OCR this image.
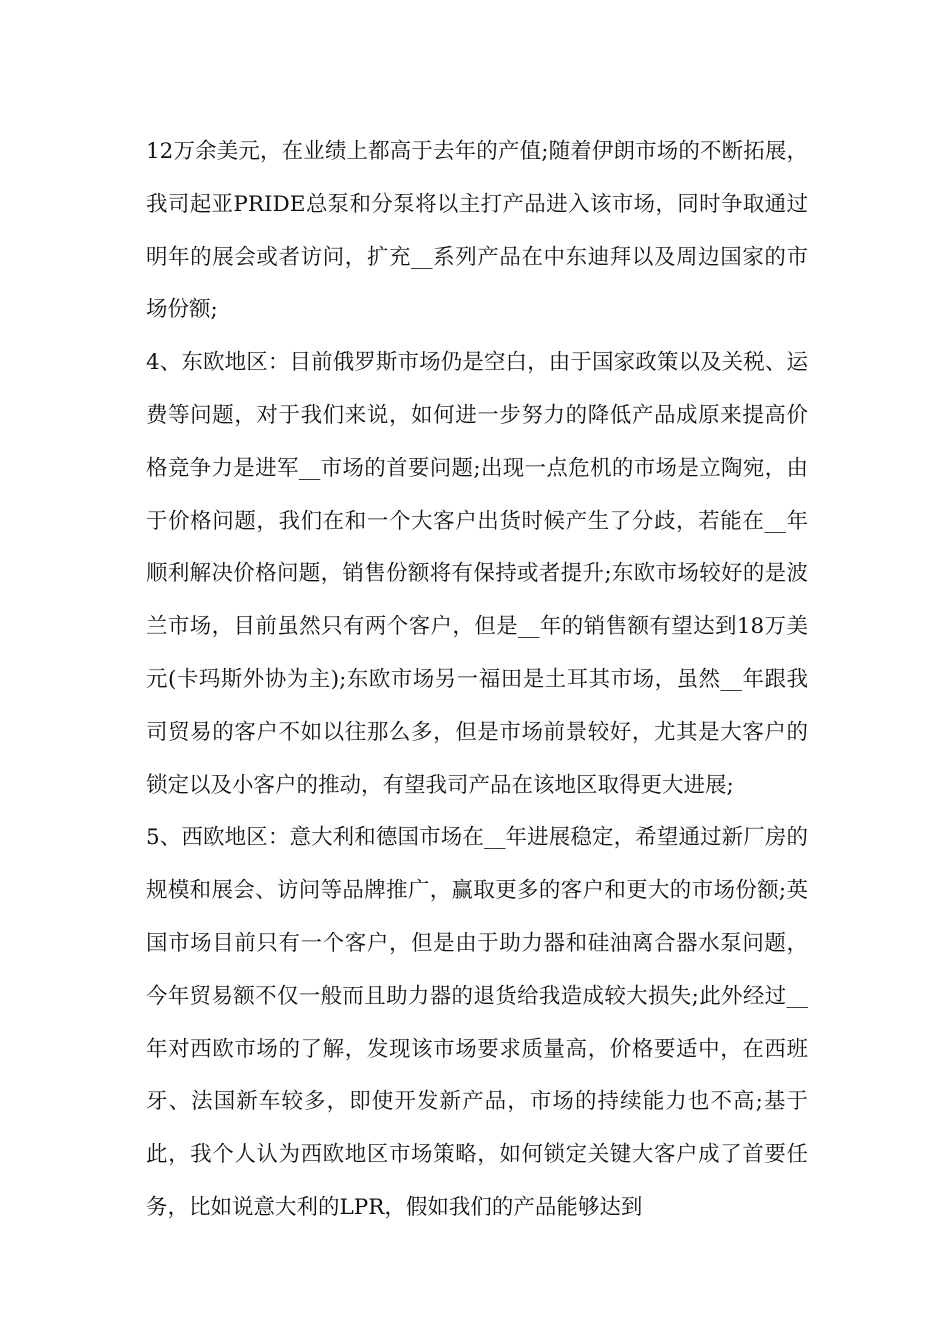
12万余美元，在业绩上都高于去年的产值;随着伊朗市场的不断拓展，我司起亚PRIDE总泵和分泵将以主打产品进入该市场，同时争取通过明年的展会或者访问，扩充__系列产品在中东迪拜以及周边国家的市场份额;

4、东欧地区：目前俄罗斯市场仍是空白，由于国家政策以及关税、运费等问题，对于我们来说，如何进一步努力的降低产品成原来提高价格竞争力是进军__市场的首要问题;出现一点危机的市场是立陶宛，由于价格问题，我们在和一个大客户出货时候产生了分歧，若能在__年顺利解决价格问题，销售份额将有保持或者提升;东欧市场较好的是波兰市场，目前虽然只有两个客户，但是__年的销售额有望达到18万美元(卡玛斯外协为主);东欧市场另一福田是土耳其市场，虽然__年跟我司贸易的客户不如以往那么多，但是市场前景较好，尤其是大客户的锁定以及小客户的推动，有望我司产品在该地区取得更大进展;

5、西欧地区：意大利和德国市场在__年进展稳定，希望通过新厂房的规模和展会、访问等品牌推广，赢取更多的客户和更大的市场份额;英国市场目前只有一个客户，但是由于助力器和硅油离合器水泵问题，今年贸易额不仅一般而且助力器的退货给我造成较大损失;此外经过__年对西欧市场的了解，发现该市场要求质量高，价格要适中，在西班牙、法国新车较多，即使开发新产品，市场的持续能力也不高;基于此，我个人认为西欧地区市场策略，如何锁定关键大客户成了首要任务，比如说意大利的LPR，假如我们的产品能够达到
